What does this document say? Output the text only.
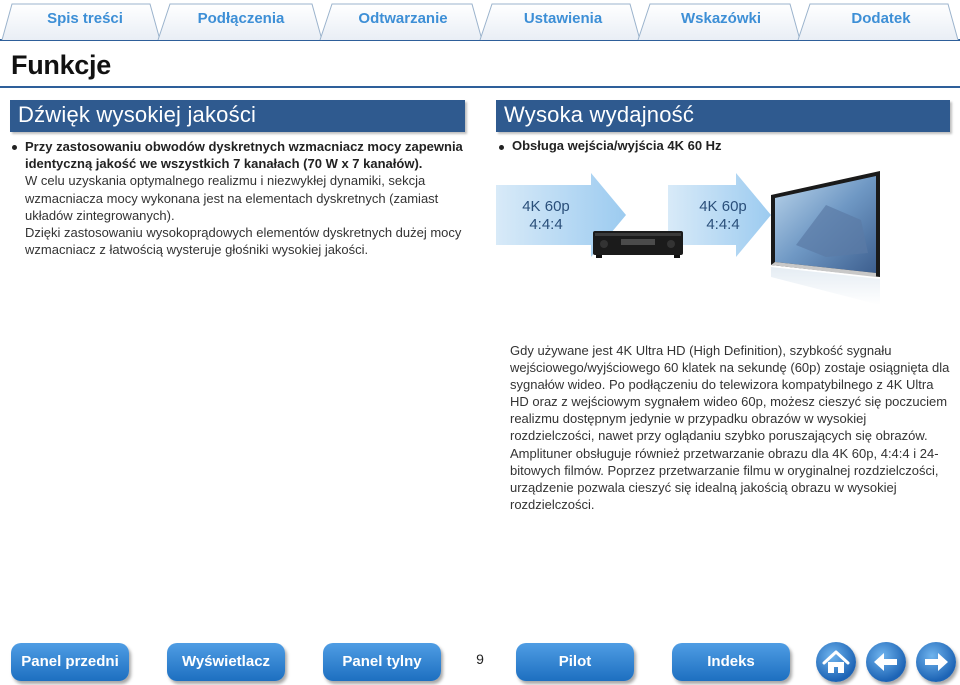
Spis treści	Podłączenia	Odtwarzanie	Ustawienia	Wskazówki	Dodatek
Funkcje
Dźwięk wysokiej jakości
Przy zastosowaniu obwodów dyskretnych wzmacniacz mocy zapewnia identyczną jakość we wszystkich 7 kanałach (70 W x 7 kanałów).
W celu uzyskania optymalnego realizmu i niezwykłej dynamiki, sekcja wzmacniacza mocy wykonana jest na elementach dyskretnych (zamiast układów zintegrowanych).
Dzięki zastosowaniu wysokoprądowych elementów dyskretnych dużej mocy wzmacniacz z łatwością wysteruje głośniki wysokiej jakości.
Wysoka wydajność
Obsługa wejścia/wyjścia 4K 60 Hz
4K 60p
4:4:4
4K 60p
4:4:4
Gdy używane jest 4K Ultra HD (High Definition), szybkość sygnału wejściowego/wyjściowego 60 klatek na sekundę (60p) zostaje osiągnięta dla sygnałów wideo. Po podłączeniu do telewizora kompatybilnego z 4K Ultra HD oraz z wejściowym sygnałem wideo 60p, możesz cieszyć się poczuciem realizmu dostępnym jedynie w przypadku obrazów w wysokiej rozdzielczości, nawet przy oglądaniu szybko poruszających się obrazów.
Amplituner obsługuje również przetwarzanie obrazu dla 4K 60p, 4:4:4 i 24-bitowych filmów. Poprzez przetwarzanie filmu w oryginalnej rozdzielczości, urządzenie pozwala cieszyć się idealną jakością obrazu w wysokiej rozdzielczości.
Panel przedni	Wyświetlacz	Panel tylny	9	Pilot	Indeks
